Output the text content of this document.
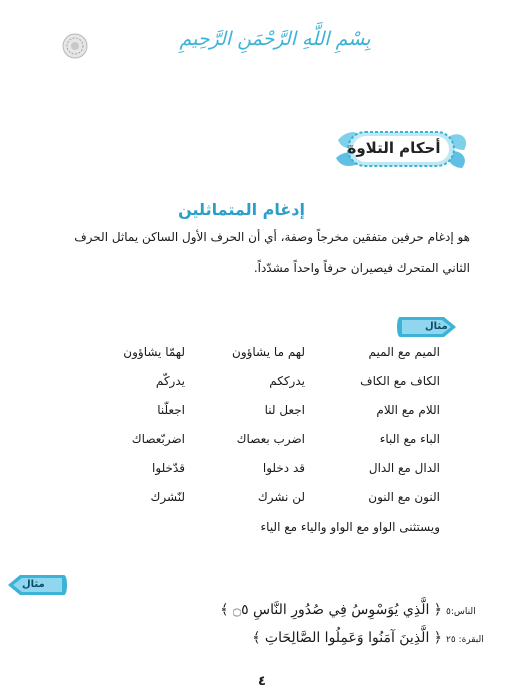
بِسْمِ اللَّهِ الرَّحْمَنِ الرَّحِيمِ
أحكام التلاوة
إدغام المتماثلين
هو إدغام حرفين متفقين مخرجاً وصفة، أي أن الحرف الأول الساكن يماثل الحرف
الثاني المتحرك فيصيران حرفاً واحداً مشدّداً.
مثال
الميم مع الميم
لهم ما يشاؤون
لهمّا يشاؤون
الكاف مع الكاف
يدرككم
يدركّم
اللام مع اللام
اجعل لنا
اجعلّنا
الباء مع الباء
اضرب بعصاك
اضربّعصاك
الدال مع الدال
قد دخلوا
قدّخلوا
النون مع النون
لن نشرك
لنّشرك
ويستثنى الواو مع الواو والياء مع الياء
مثال
﴿ الَّذِي يُوَسْوِسُ فِي صُدُورِ النَّاسِ ۝٥ ﴾ الناس:٥
﴿ الَّذِينَ آمَنُوا وَعَمِلُوا الصَّالِحَاتِ ﴾ البقرة: ٢٥
٤
